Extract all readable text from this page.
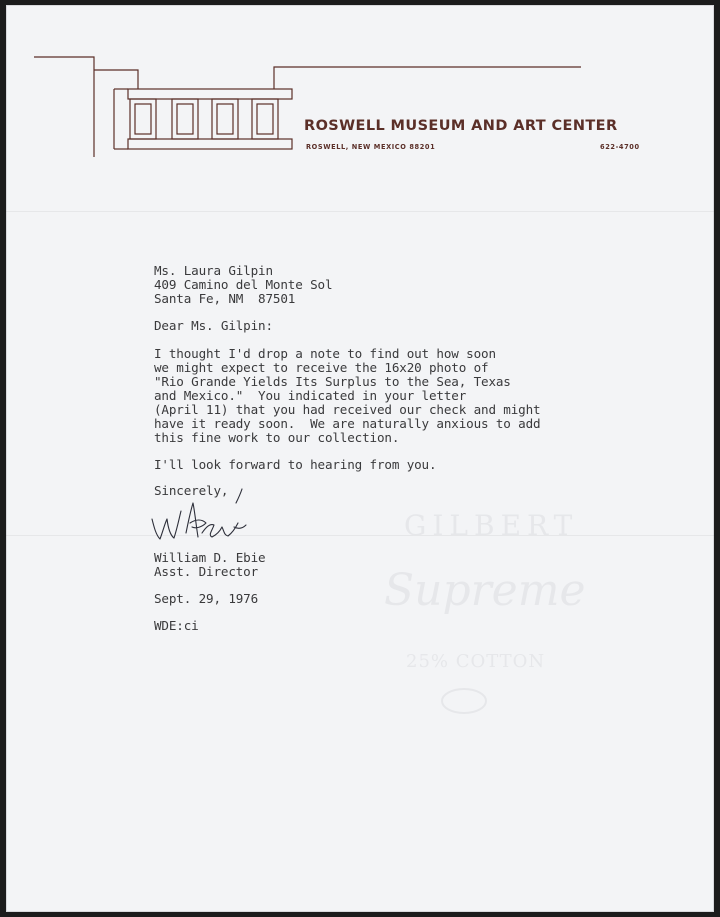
ROSWELL MUSEUM AND ART CENTER
ROSWELL, NEW MEXICO 88201	622-4700
GILBERT
Supreme
25% COTTON
Ms. Laura Gilpin
409 Camino del Monte Sol
Santa Fe, NM  87501
Dear Ms. Gilpin:
I thought I'd drop a note to find out how soon
we might expect to receive the 16x20 photo of
"Rio Grande Yields Its Surplus to the Sea, Texas
and Mexico."  You indicated in your letter
(April 11) that you had received our check and might
have it ready soon.  We are naturally anxious to add
this fine work to our collection.
I'll look forward to hearing from you.
Sincerely,
William D. Ebie
Asst. Director
Sept. 29, 1976
WDE:ci
